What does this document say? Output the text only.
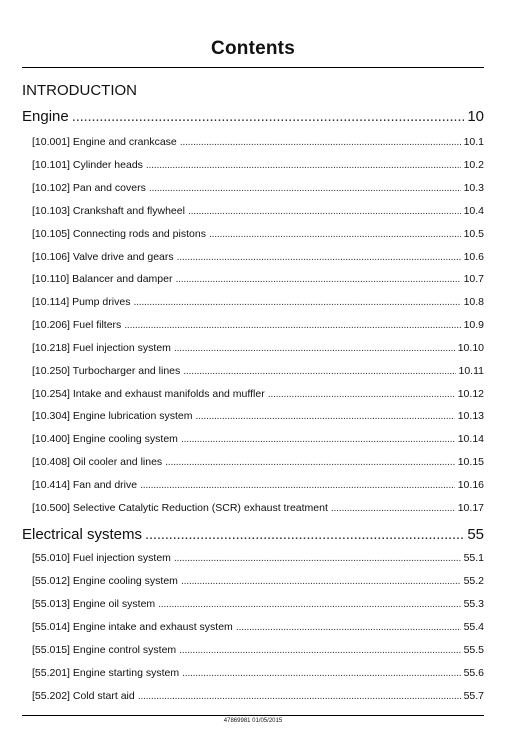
Contents
INTRODUCTION
Engine . . .	10
[10.001] Engine and crankcase . . .	10.1
[10.101] Cylinder heads . . .	10.2
[10.102] Pan and covers . . .	10.3
[10.103] Crankshaft and flywheel . . .	10.4
[10.105] Connecting rods and pistons . . .	10.5
[10.106] Valve drive and gears . . .	10.6
[10.110] Balancer and damper . . .	10.7
[10.114] Pump drives . . .	10.8
[10.206] Fuel filters . . .	10.9
[10.218] Fuel injection system . . .	10.10
[10.250] Turbocharger and lines . . .	10.11
[10.254] Intake and exhaust manifolds and muffler . . .	10.12
[10.304] Engine lubrication system . . .	10.13
[10.400] Engine cooling system . . .	10.14
[10.408] Oil cooler and lines . . .	10.15
[10.414] Fan and drive . . .	10.16
[10.500] Selective Catalytic Reduction (SCR) exhaust treatment . . .	10.17
Electrical systems . . .	55
[55.010] Fuel injection system . . .	55.1
[55.012] Engine cooling system . . .	55.2
[55.013] Engine oil system . . .	55.3
[55.014] Engine intake and exhaust system . . .	55.4
[55.015] Engine control system . . .	55.5
[55.201] Engine starting system . . .	55.6
[55.202] Cold start aid . . .	55.7
47869981 01/05/2015
